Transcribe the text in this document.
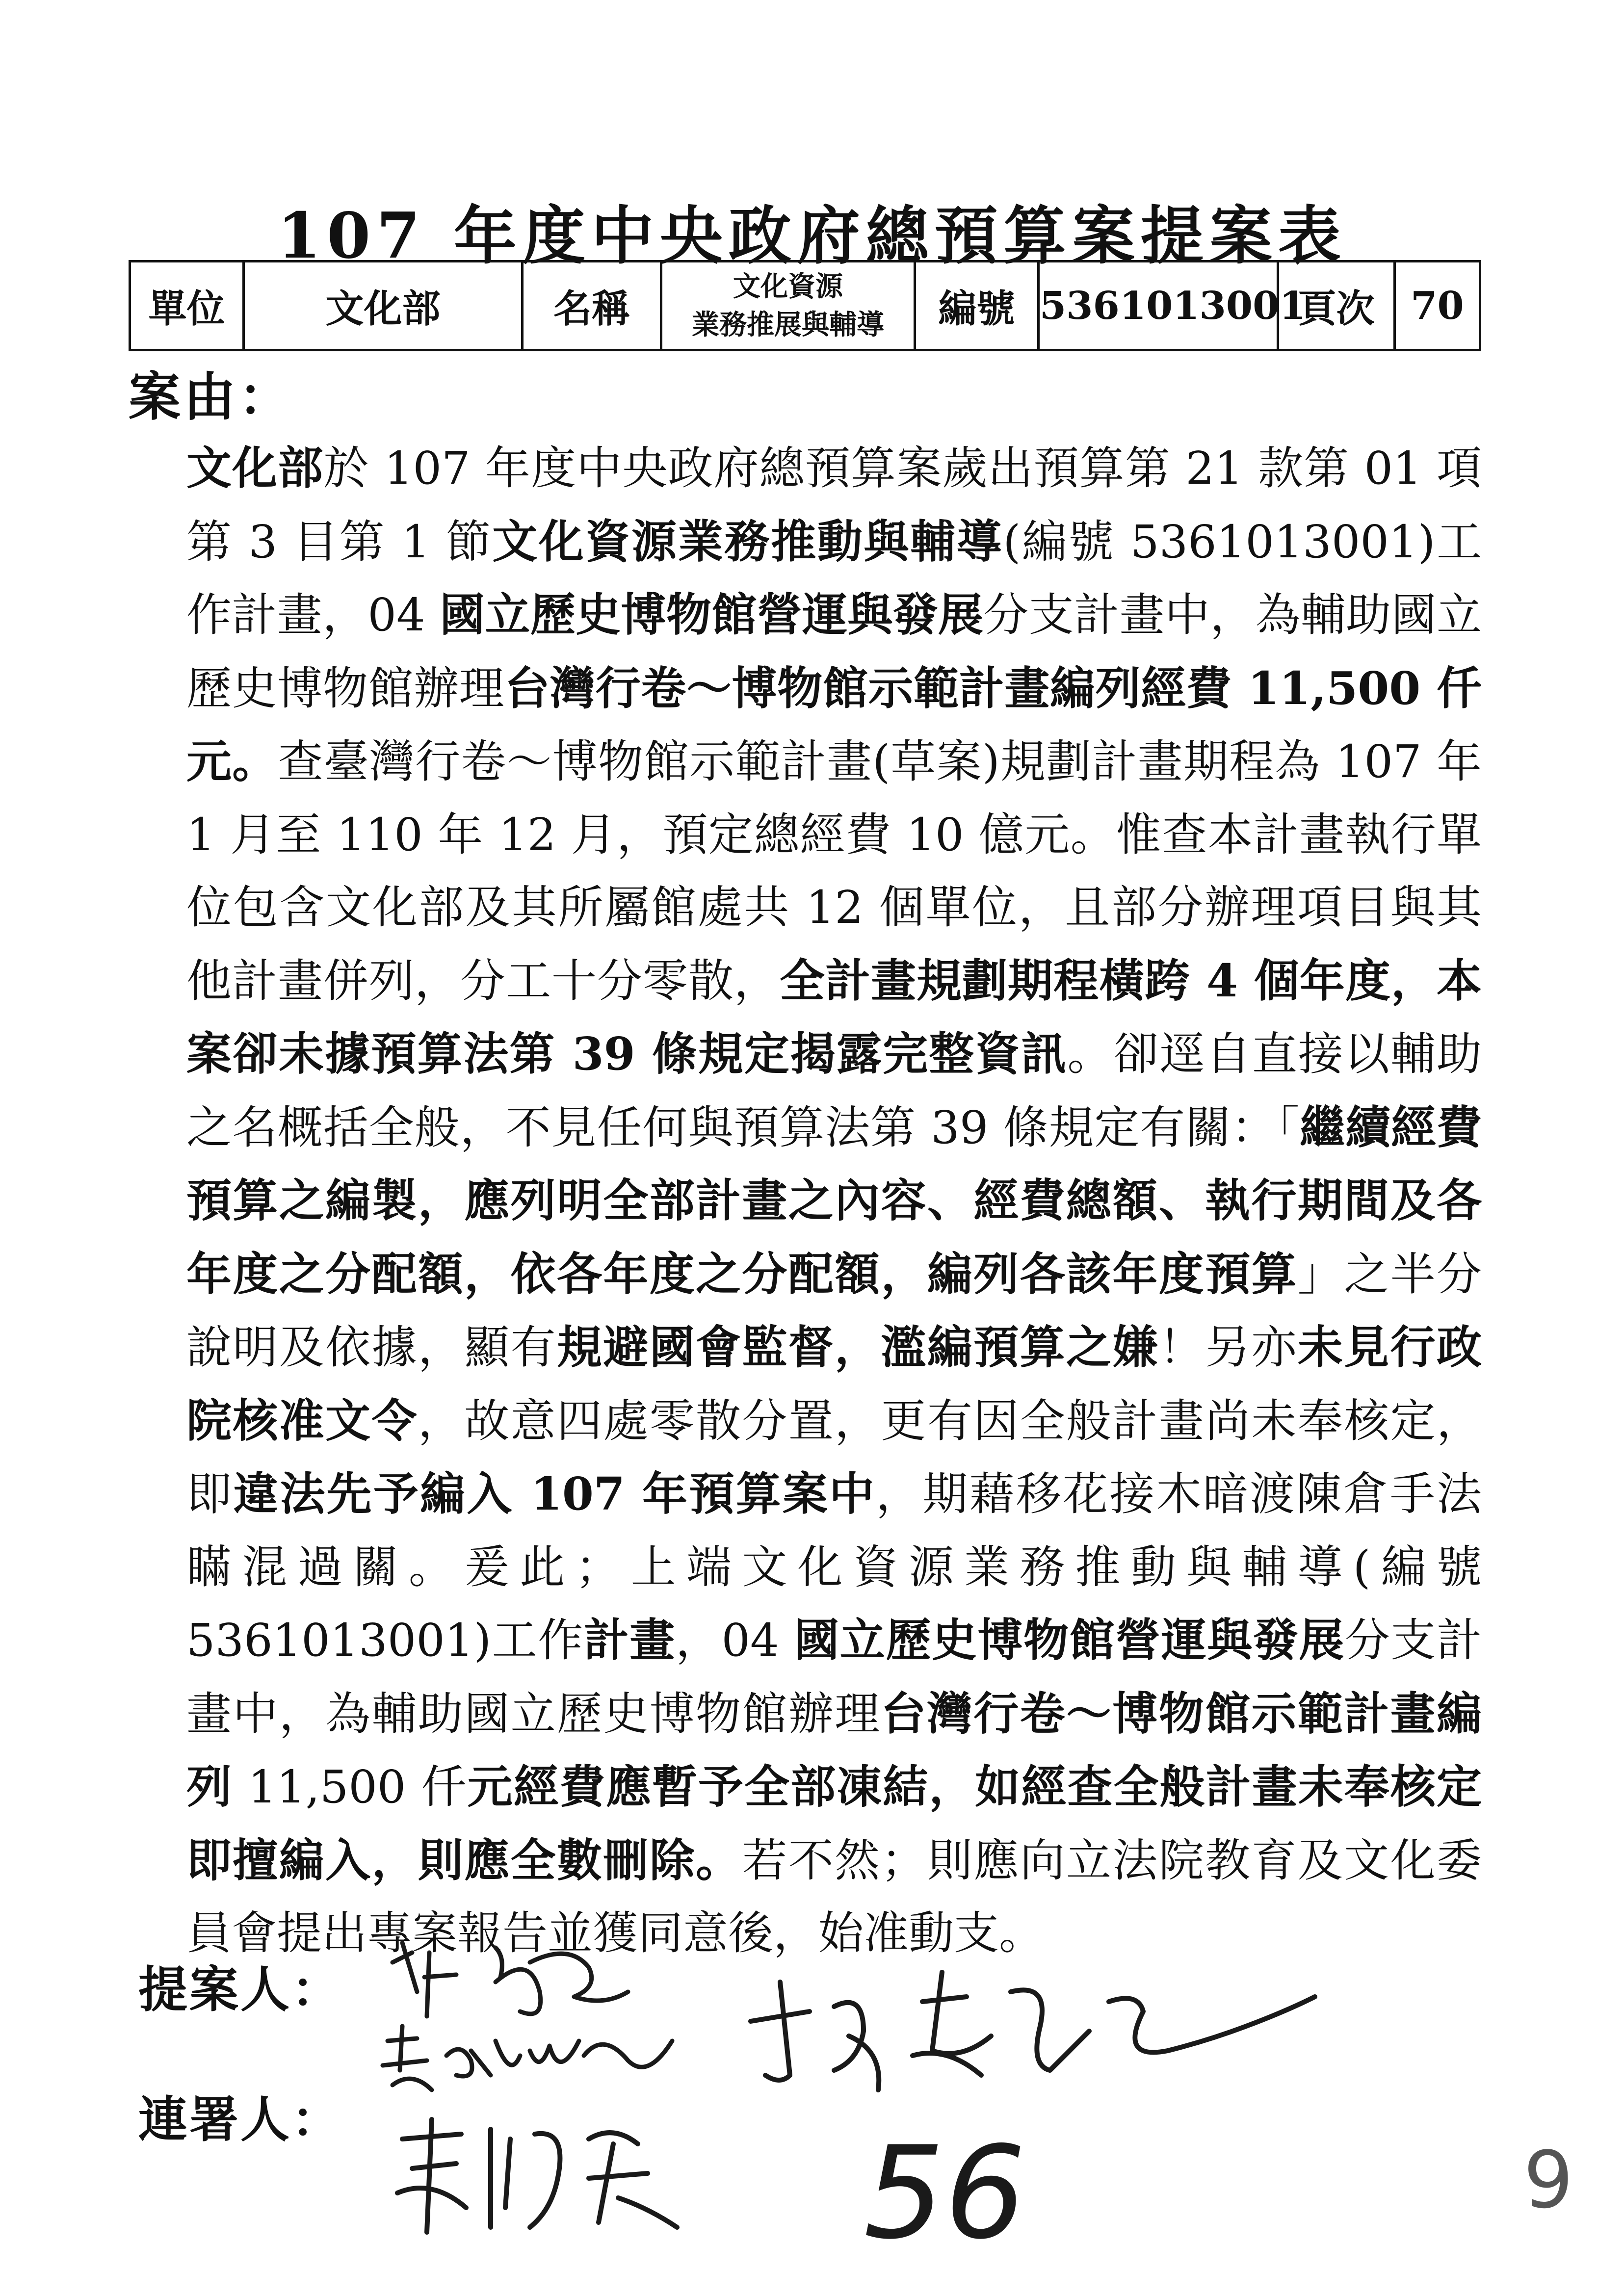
107 年度中央政府總預算案提案表
單位	文化部	名稱	文化資源
業務推展與輔導	編號	5361013001	頁次	70
案由：
文化部於 107 年度中央政府總預算案歲出預算第 21 款第 01 項第 3 目第 1 節文化資源業務推動與輔導(編號 5361013001)工作計畫，04 國立歷史博物館營運與發展分支計畫中，為輔助國立歷史博物館辦理台灣行卷～博物館示範計畫編列經費 11,500 仟元。查臺灣行卷～博物館示範計畫(草案)規劃計畫期程為 107 年 1 月至 110 年 12 月，預定總經費 10 億元。惟查本計畫執行單位包含文化部及其所屬館處共 12 個單位，且部分辦理項目與其他計畫併列，分工十分零散，全計畫規劃期程橫跨 4 個年度，本案卻未據預算法第 39 條規定揭露完整資訊。卻逕自直接以輔助之名概括全般，不見任何與預算法第 39 條規定有關：「繼續經費預算之編製，應列明全部計畫之內容、經費總額、執行期間及各年度之分配額，依各年度之分配額，編列各該年度預算」之半分說明及依據，顯有規避國會監督，濫編預算之嫌！另亦未見行政院核准文令，故意四處零散分置，更有因全般計畫尚未奉核定，即違法先予編入 107 年預算案中，期藉移花接木暗渡陳倉手法瞞混過關。爰此；上端文化資源業務推動與輔導(編號 5361013001)工作計畫，04 國立歷史博物館營運與發展分支計畫中，為輔助國立歷史博物館辦理台灣行卷～博物館示範計畫編列 11,500 仟元經費應暫予全部凍結，如經查全般計畫未奉核定即擅編入，則應全數刪除。若不然；則應向立法院教育及文化委員會提出專案報告並獲同意後，始准動支。
提案人：
連署人：	56	9
